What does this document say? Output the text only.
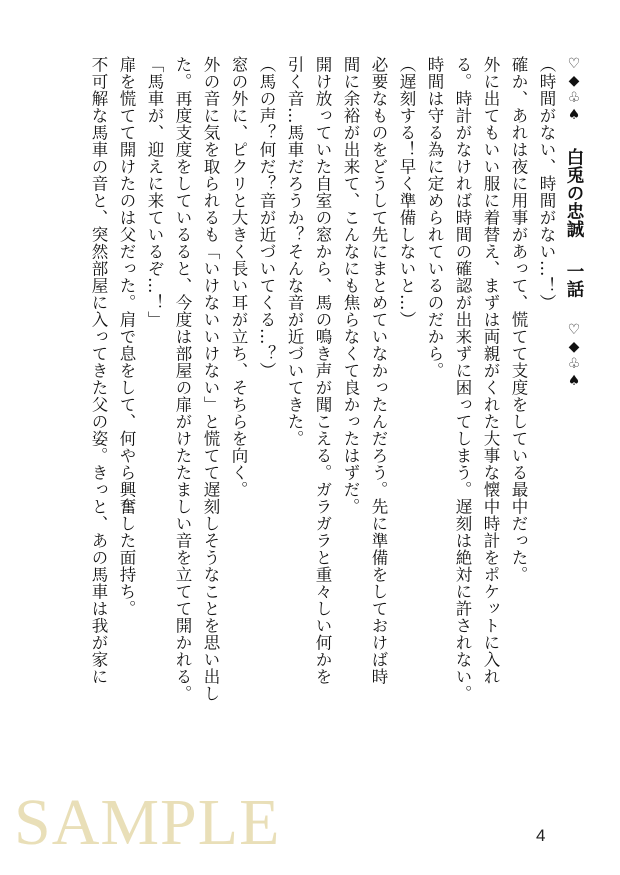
♡◆♧♠白兎の忠誠一話♡◆♧♠
（時間がない、時間がない…！）
確か、あれは夜に用事があって、慌てて支度をしている最中だった。
外に出てもいい服に着替え、まずは両親がくれた大事な懐中時計をポケットに入れ
る。時計がなければ時間の確認が出来ずに困ってしまう。遅刻は絶対に許されない。
時間は守る為に定められているのだから。
（遅刻する！早く準備しないと…）
必要なものをどうして先にまとめていなかったんだろう。先に準備をしておけば時
間に余裕が出来て、こんなにも焦らなくて良かったはずだ。
開け放っていた自室の窓から、馬の鳴き声が聞こえる。ガラガラと重々しい何かを
引く音…馬車だろうか？そんな音が近づいてきた。
（馬の声？何だ？音が近づいてくる…？）
窓の外に、ピクリと大きく長い耳が立ち、そちらを向く。
外の音に気を取られるも「いけないいけない」と慌てて遅刻しそうなことを思い出し
た。再度支度をしているると、今度は部屋の扉がけたたましい音を立てて開かれる。
「馬車が、迎えに来ているぞ…！」
扉を慌てて開けたのは父だった。肩で息をして、何やら興奮した面持ち。
不可解な馬車の音と、突然部屋に入ってきた父の姿。きっと、あの馬車は我が家に
SAMPLE	4
